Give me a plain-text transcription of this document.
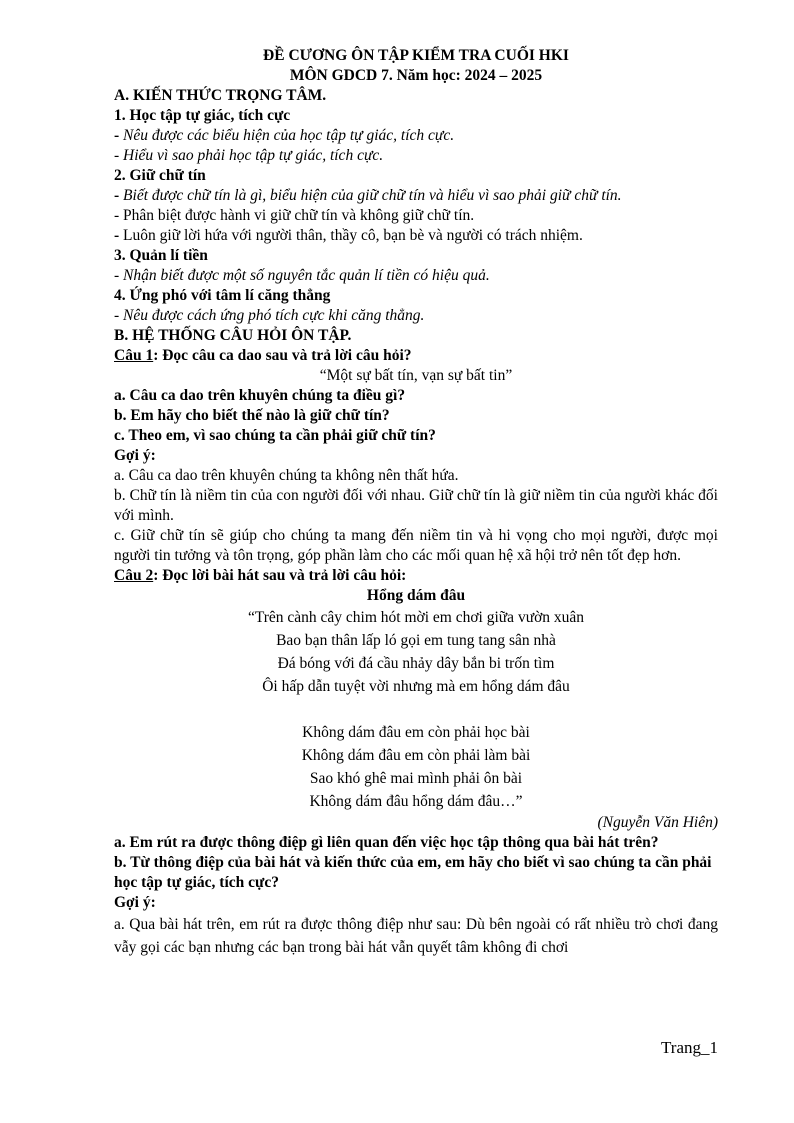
ĐỀ CƯƠNG ÔN TẬP KIỂM TRA CUỐI HKI

MÔN GDCD 7. Năm học: 2024 – 2025

A. KIẾN THỨC TRỌNG TÂM.

1. Học tập tự giác, tích cực

- Nêu được các biểu hiện của học tập tự giác, tích cực.

- Hiểu vì sao phải học tập tự giác, tích cực.

2. Giữ chữ tín

- Biết được chữ tín là gì, biểu hiện của giữ chữ tín và hiểu vì sao phải giữ chữ tín.

- Phân biệt được hành vi giữ chữ tín và không giữ chữ tín.

- Luôn giữ lời hứa với người thân, thầy cô, bạn bè và người có trách nhiệm.

3. Quản lí tiền

- Nhận biết được một số nguyên tắc quản lí tiền có hiệu quả.

4. Ứng phó với tâm lí căng thẳng

- Nêu được cách ứng phó tích cực khi căng thẳng.

B. HỆ THỐNG CÂU HỎI ÔN TẬP.

Câu 1: Đọc câu ca dao sau và trả lời câu hỏi?

“Một sự bất tín, vạn sự bất tin”

a. Câu ca dao trên khuyên chúng ta điều gì?

b. Em hãy cho biết thế nào là giữ chữ tín?

c. Theo em, vì sao chúng ta cần phải giữ chữ tín?

Gợi ý:

a. Câu ca dao trên khuyên chúng ta không nên thất hứa.

b. Chữ tín là niềm tin của con người đối với nhau. Giữ chữ tín là giữ niềm tin của người khác đối với mình.

c. Giữ chữ tín sẽ giúp cho chúng ta mang đến niềm tin và hi vọng cho mọi người, được mọi người tin tưởng và tôn trọng, góp phần làm cho các mối quan hệ xã hội trở nên tốt đẹp hơn.

Câu 2: Đọc lời bài hát sau và trả lời câu hỏi:

Hổng dám đâu

“Trên cành cây chim hót mời em chơi giữa vườn xuân

Bao bạn thân lấp ló gọi em tung tang sân nhà

Đá bóng với đá cầu nhảy dây bắn bi trốn tìm

Ôi hấp dẫn tuyệt vời nhưng mà em hổng dám đâu

Không dám đâu em còn phải học bài

Không dám đâu em còn phải làm bài

Sao khó ghê mai mình phải ôn bài

Không dám đâu hổng dám đâu…”

(Nguyễn Văn Hiên)

a. Em rút ra được thông điệp gì liên quan đến việc học tập thông qua bài hát trên?

b. Từ thông điệp của bài hát và kiến thức của em, em hãy cho biết vì sao chúng ta cần phải học tập tự giác, tích cực?

Gợi ý:

a. Qua bài hát trên, em rút ra được thông điệp như sau: Dù bên ngoài có rất nhiều trò chơi đang vẫy gọi các bạn nhưng các bạn trong bài hát vẫn quyết tâm không đi chơi

Trang_1
